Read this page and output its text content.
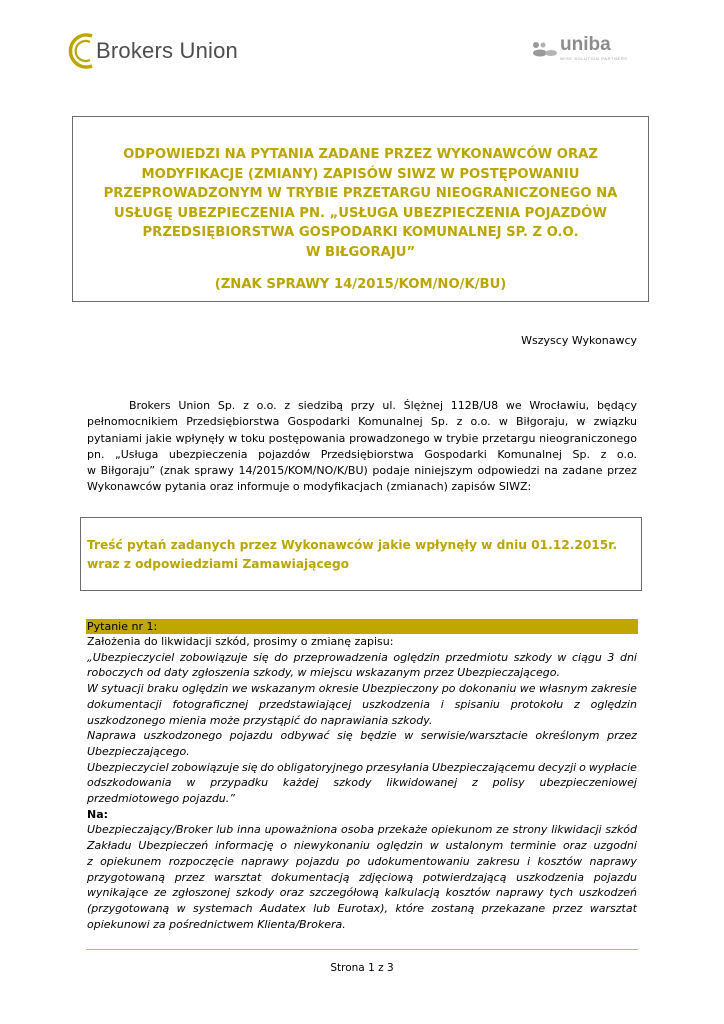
Brokers Union	uniba
WISE SOLUTION PARTNERS
ODPOWIEDZI NA PYTANIA ZADANE PRZEZ WYKONAWCÓW ORAZ
MODYFIKACJE (ZMIANY) ZAPISÓW SIWZ W POSTĘPOWANIU
PRZEPROWADZONYM W TRYBIE PRZETARGU NIEOGRANICZONEGO NA
USŁUGĘ UBEZPIECZENIA PN. „USŁUGA UBEZPIECZENIA POJAZDÓW
PRZEDSIĘBIORSTWA GOSPODARKI KOMUNALNEJ SP. Z O.O.
W BIŁGORAJU”
(ZNAK SPRAWY 14/2015/KOM/NO/K/BU)
Wszyscy Wykonawcy
Brokers Union Sp. z o.o. z siedzibą przy ul. Ślężnej 112B/U8 we Wrocławiu, będący
pełnomocnikiem Przedsiębiorstwa Gospodarki Komunalnej Sp. z o.o. w Biłgoraju, w związku
pytaniami jakie wpłynęły w toku postępowania prowadzonego w trybie przetargu nieograniczonego
pn. „Usługa ubezpieczenia pojazdów Przedsiębiorstwa Gospodarki Komunalnej Sp. z o.o.
w Biłgoraju” (znak sprawy 14/2015/KOM/NO/K/BU) podaje niniejszym odpowiedzi na zadane przez
Wykonawców pytania oraz informuje o modyfikacjach (zmianach) zapisów SIWZ:
Treść pytań zadanych przez Wykonawców jakie wpłynęły w dniu 01.12.2015r.
wraz z odpowiedziami Zamawiającego
Pytanie nr 1:
Założenia do likwidacji szkód, prosimy o zmianę zapisu:
„Ubezpieczyciel zobowiązuje się do przeprowadzenia oględzin przedmiotu szkody w ciągu 3 dni
roboczych od daty zgłoszenia szkody, w miejscu wskazanym przez Ubezpieczającego.
W sytuacji braku oględzin we wskazanym okresie Ubezpieczony po dokonaniu we własnym zakresie
dokumentacji fotograficznej przedstawiającej uszkodzenia i spisaniu protokołu z oględzin
uszkodzonego mienia może przystąpić do naprawiania szkody.
Naprawa uszkodzonego pojazdu odbywać się będzie w serwisie/warsztacie określonym przez
Ubezpieczającego.
Ubezpieczyciel zobowiązuje się do obligatoryjnego przesyłania Ubezpieczającemu decyzji o wypłacie
odszkodowania w przypadku każdej szkody likwidowanej z polisy ubezpieczeniowej
przedmiotowego pojazdu.”
Na:
Ubezpieczający/Broker lub inna upoważniona osoba przekaże opiekunom ze strony likwidacji szkód
Zakładu Ubezpieczeń informację o niewykonaniu oględzin w ustalonym terminie oraz uzgodni
z opiekunem rozpoczęcie naprawy pojazdu po udokumentowaniu zakresu i kosztów naprawy
przygotowaną przez warsztat dokumentacją zdjęciową potwierdzającą uszkodzenia pojazdu
wynikające ze zgłoszonej szkody oraz szczegółową kalkulacją kosztów naprawy tych uszkodzeń
(przygotowaną w systemach Audatex lub Eurotax), które zostaną przekazane przez warsztat
opiekunowi za pośrednictwem Klienta/Brokera.
Strona 1 z 3
